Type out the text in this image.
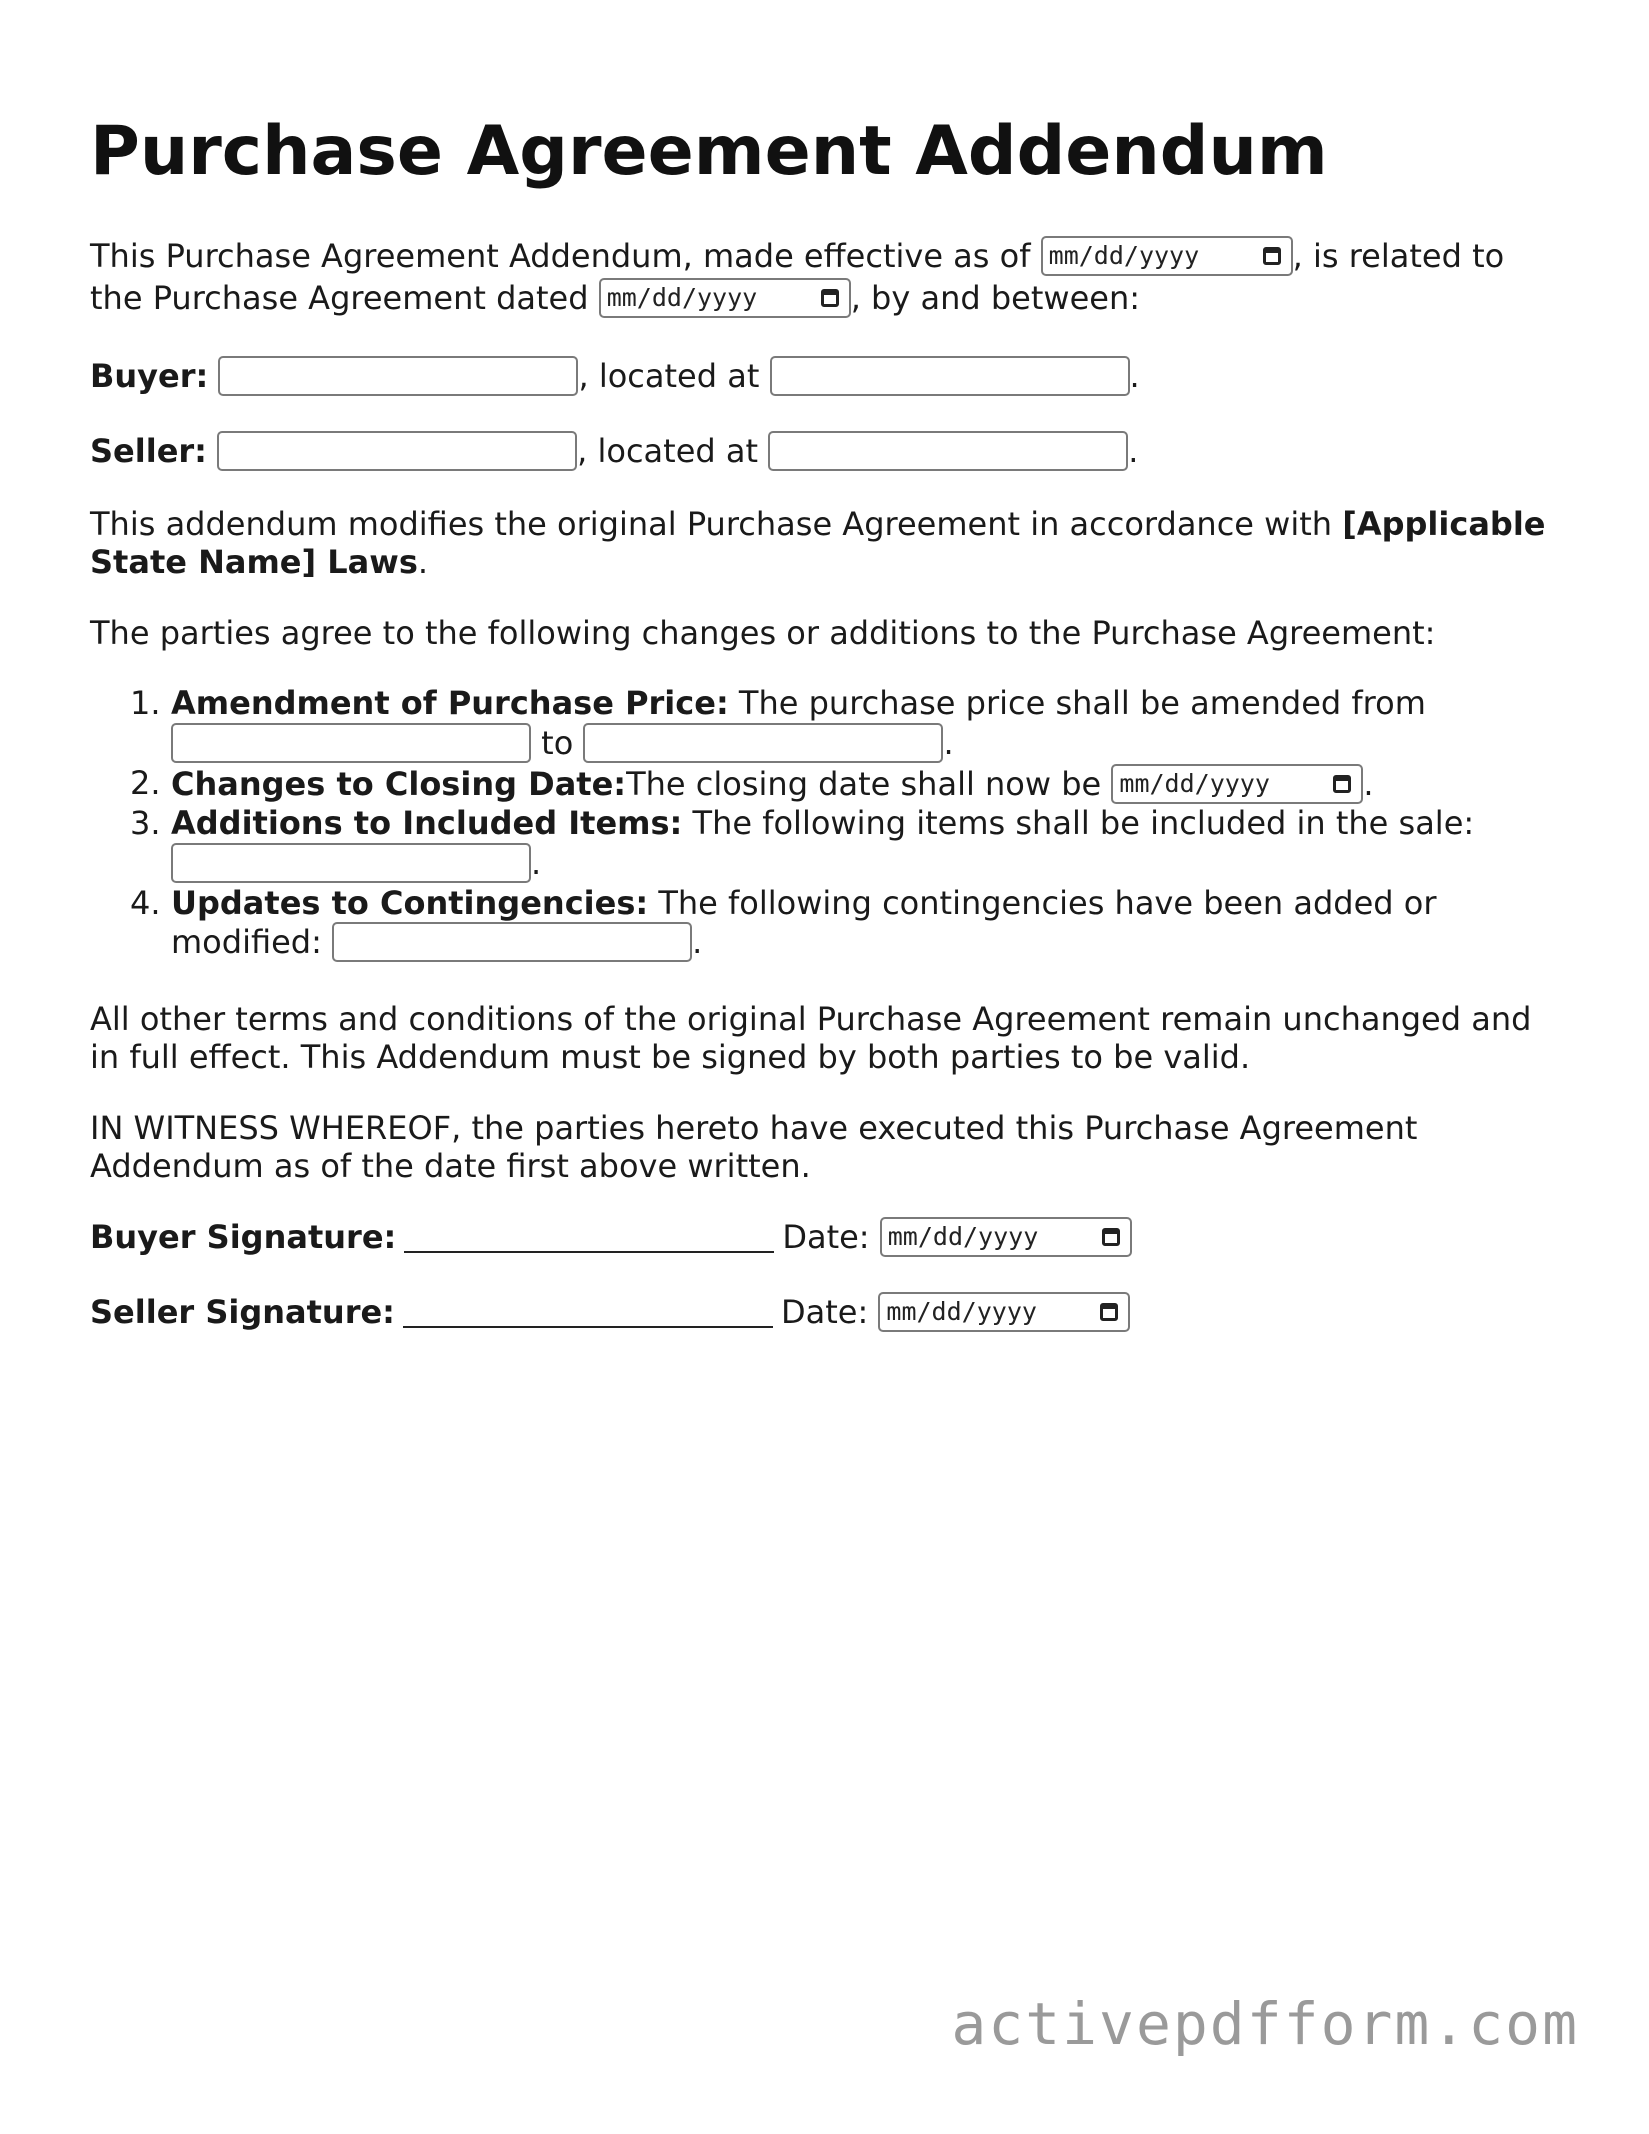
Purchase Agreement Addendum
This Purchase Agreement Addendum, made effective as of
mm/dd/yyyy	, is related to
the Purchase Agreement dated
mm/dd/yyyy	, by and between:
Buyer:
	, located at
	.
Seller:
	, located at
	.
This addendum modifies the original Purchase Agreement in accordance with [Applicable
State Name] Laws.
The parties agree to the following changes or additions to the Purchase Agreement:
1. Amendment of Purchase Price: The purchase price shall be amended from

to
	.
2. Changes to Closing Date: The closing date shall now be
mm/dd/yyyy	.
3. Additions to Included Items: The following items shall be included in the sale:
.
4. Updates to Contingencies: The following contingencies have been added or
modified:
	.
All other terms and conditions of the original Purchase Agreement remain unchanged and
in full effect. This Addendum must be signed by both parties to be valid.
IN WITNESS WHEREOF, the parties hereto have executed this Purchase Agreement
Addendum as of the date first above written.
Buyer Signature:	Date:
mm/dd/yyyy
Seller Signature:	Date:
mm/dd/yyyy
activepdfform.com
